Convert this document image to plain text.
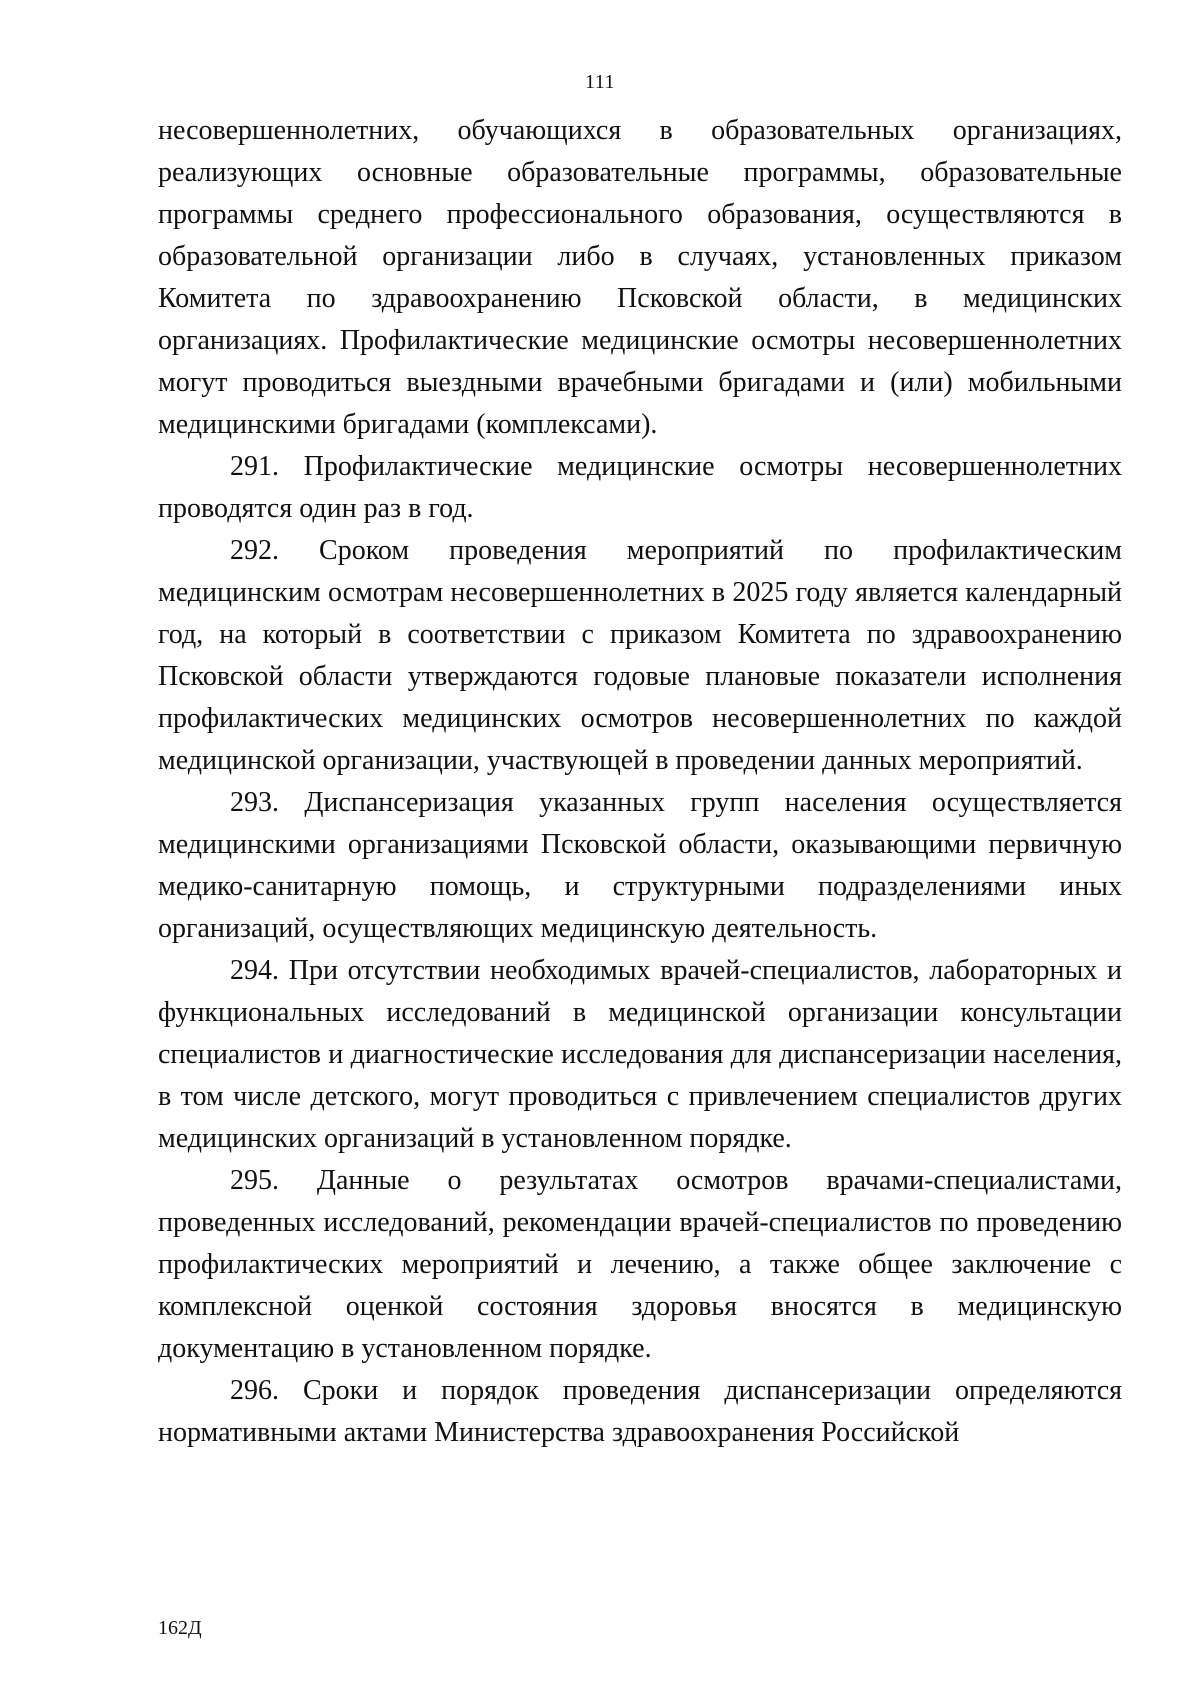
111

несовершеннолетних, обучающихся в образовательных организациях, реализующих основные образовательные программы, образовательные программы среднего профессионального образования, осуществляются в образовательной организации либо в случаях, установленных приказом Комитета по здравоохранению Псковской области, в медицинских организациях. Профилактические медицинские осмотры несовершеннолетних могут проводиться выездными врачебными бригадами и (или) мобильными медицинскими бригадами (комплексами).

291. Профилактические медицинские осмотры несовершеннолетних проводятся один раз в год.

292. Сроком проведения мероприятий по профилактическим медицинским осмотрам несовершеннолетних в 2025 году является календарный год, на который в соответствии с приказом Комитета по здравоохранению Псковской области утверждаются годовые плановые показатели исполнения профилактических медицинских осмотров несовершеннолетних по каждой медицинской организации, участвующей в проведении данных мероприятий.

293. Диспансеризация указанных групп населения осуществляется медицинскими организациями Псковской области, оказывающими первичную медико-санитарную помощь, и структурными подразделениями иных организаций, осуществляющих медицинскую деятельность.

294. При отсутствии необходимых врачей-специалистов, лабораторных и функциональных исследований в медицинской организации консультации специалистов и диагностические исследования для диспансеризации населения, в том числе детского, могут проводиться с привлечением специалистов других медицинских организаций в установленном порядке.

295. Данные о результатах осмотров врачами-специалистами, проведенных исследований, рекомендации врачей-специалистов по проведению профилактических мероприятий и лечению, а также общее заключение с комплексной оценкой состояния здоровья вносятся в медицинскую документацию в установленном порядке.

296. Сроки и порядок проведения диспансеризации определяются нормативными актами Министерства здравоохранения Российской

162Д
